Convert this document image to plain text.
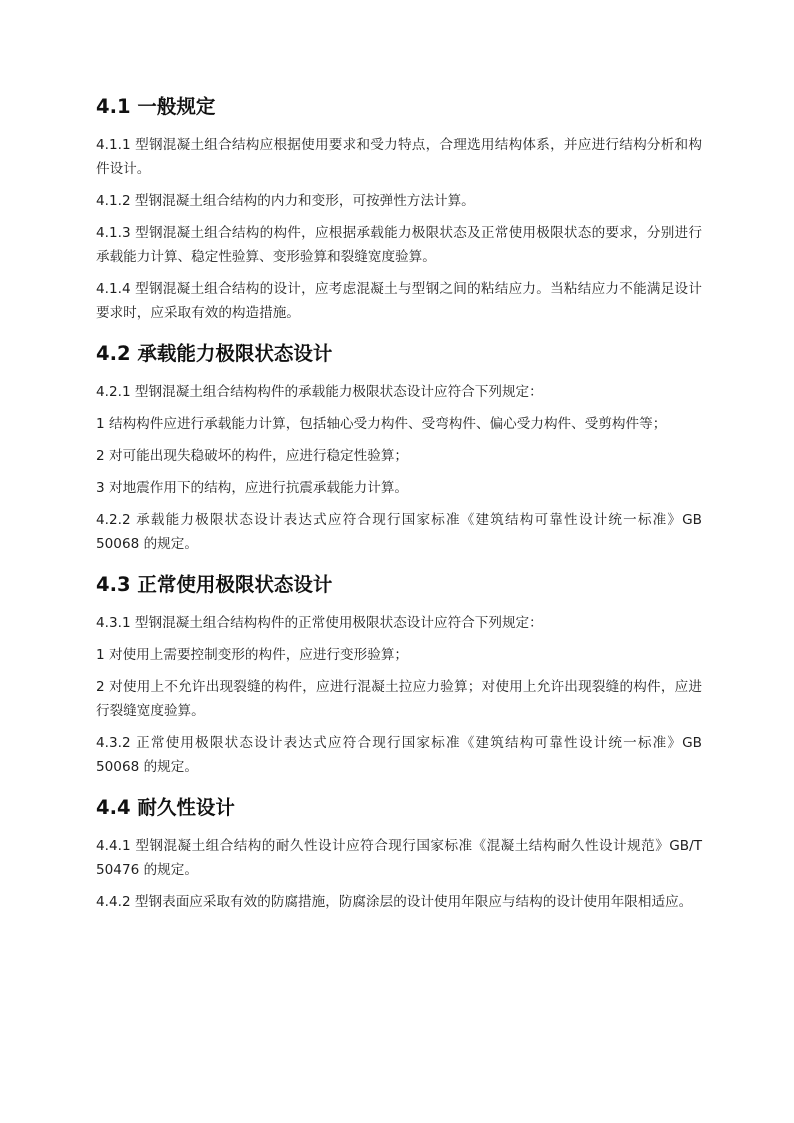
4.1 一般规定

4.1.1 型钢混凝土组合结构应根据使用要求和受力特点，合理选用结构体系，并应进行结构分析和构件设计。

4.1.2 型钢混凝土组合结构的内力和变形，可按弹性方法计算。

4.1.3 型钢混凝土组合结构的构件，应根据承载能力极限状态及正常使用极限状态的要求，分别进行承载能力计算、稳定性验算、变形验算和裂缝宽度验算。

4.1.4 型钢混凝土组合结构的设计，应考虑混凝土与型钢之间的粘结应力。当粘结应力不能满足设计要求时，应采取有效的构造措施。

4.2 承载能力极限状态设计

4.2.1 型钢混凝土组合结构构件的承载能力极限状态设计应符合下列规定：

1 结构构件应进行承载能力计算，包括轴心受力构件、受弯构件、偏心受力构件、受剪构件等；

2 对可能出现失稳破坏的构件，应进行稳定性验算；

3 对地震作用下的结构，应进行抗震承载能力计算。

4.2.2 承载能力极限状态设计表达式应符合现行国家标准《建筑结构可靠性设计统一标准》GB 50068 的规定。

4.3 正常使用极限状态设计

4.3.1 型钢混凝土组合结构构件的正常使用极限状态设计应符合下列规定：

1 对使用上需要控制变形的构件，应进行变形验算；

2 对使用上不允许出现裂缝的构件，应进行混凝土拉应力验算；对使用上允许出现裂缝的构件，应进行裂缝宽度验算。

4.3.2 正常使用极限状态设计表达式应符合现行国家标准《建筑结构可靠性设计统一标准》GB 50068 的规定。

4.4 耐久性设计

4.4.1 型钢混凝土组合结构的耐久性设计应符合现行国家标准《混凝土结构耐久性设计规范》GB/T 50476 的规定。

4.4.2 型钢表面应采取有效的防腐措施，防腐涂层的设计使用年限应与结构的设计使用年限相适应。
